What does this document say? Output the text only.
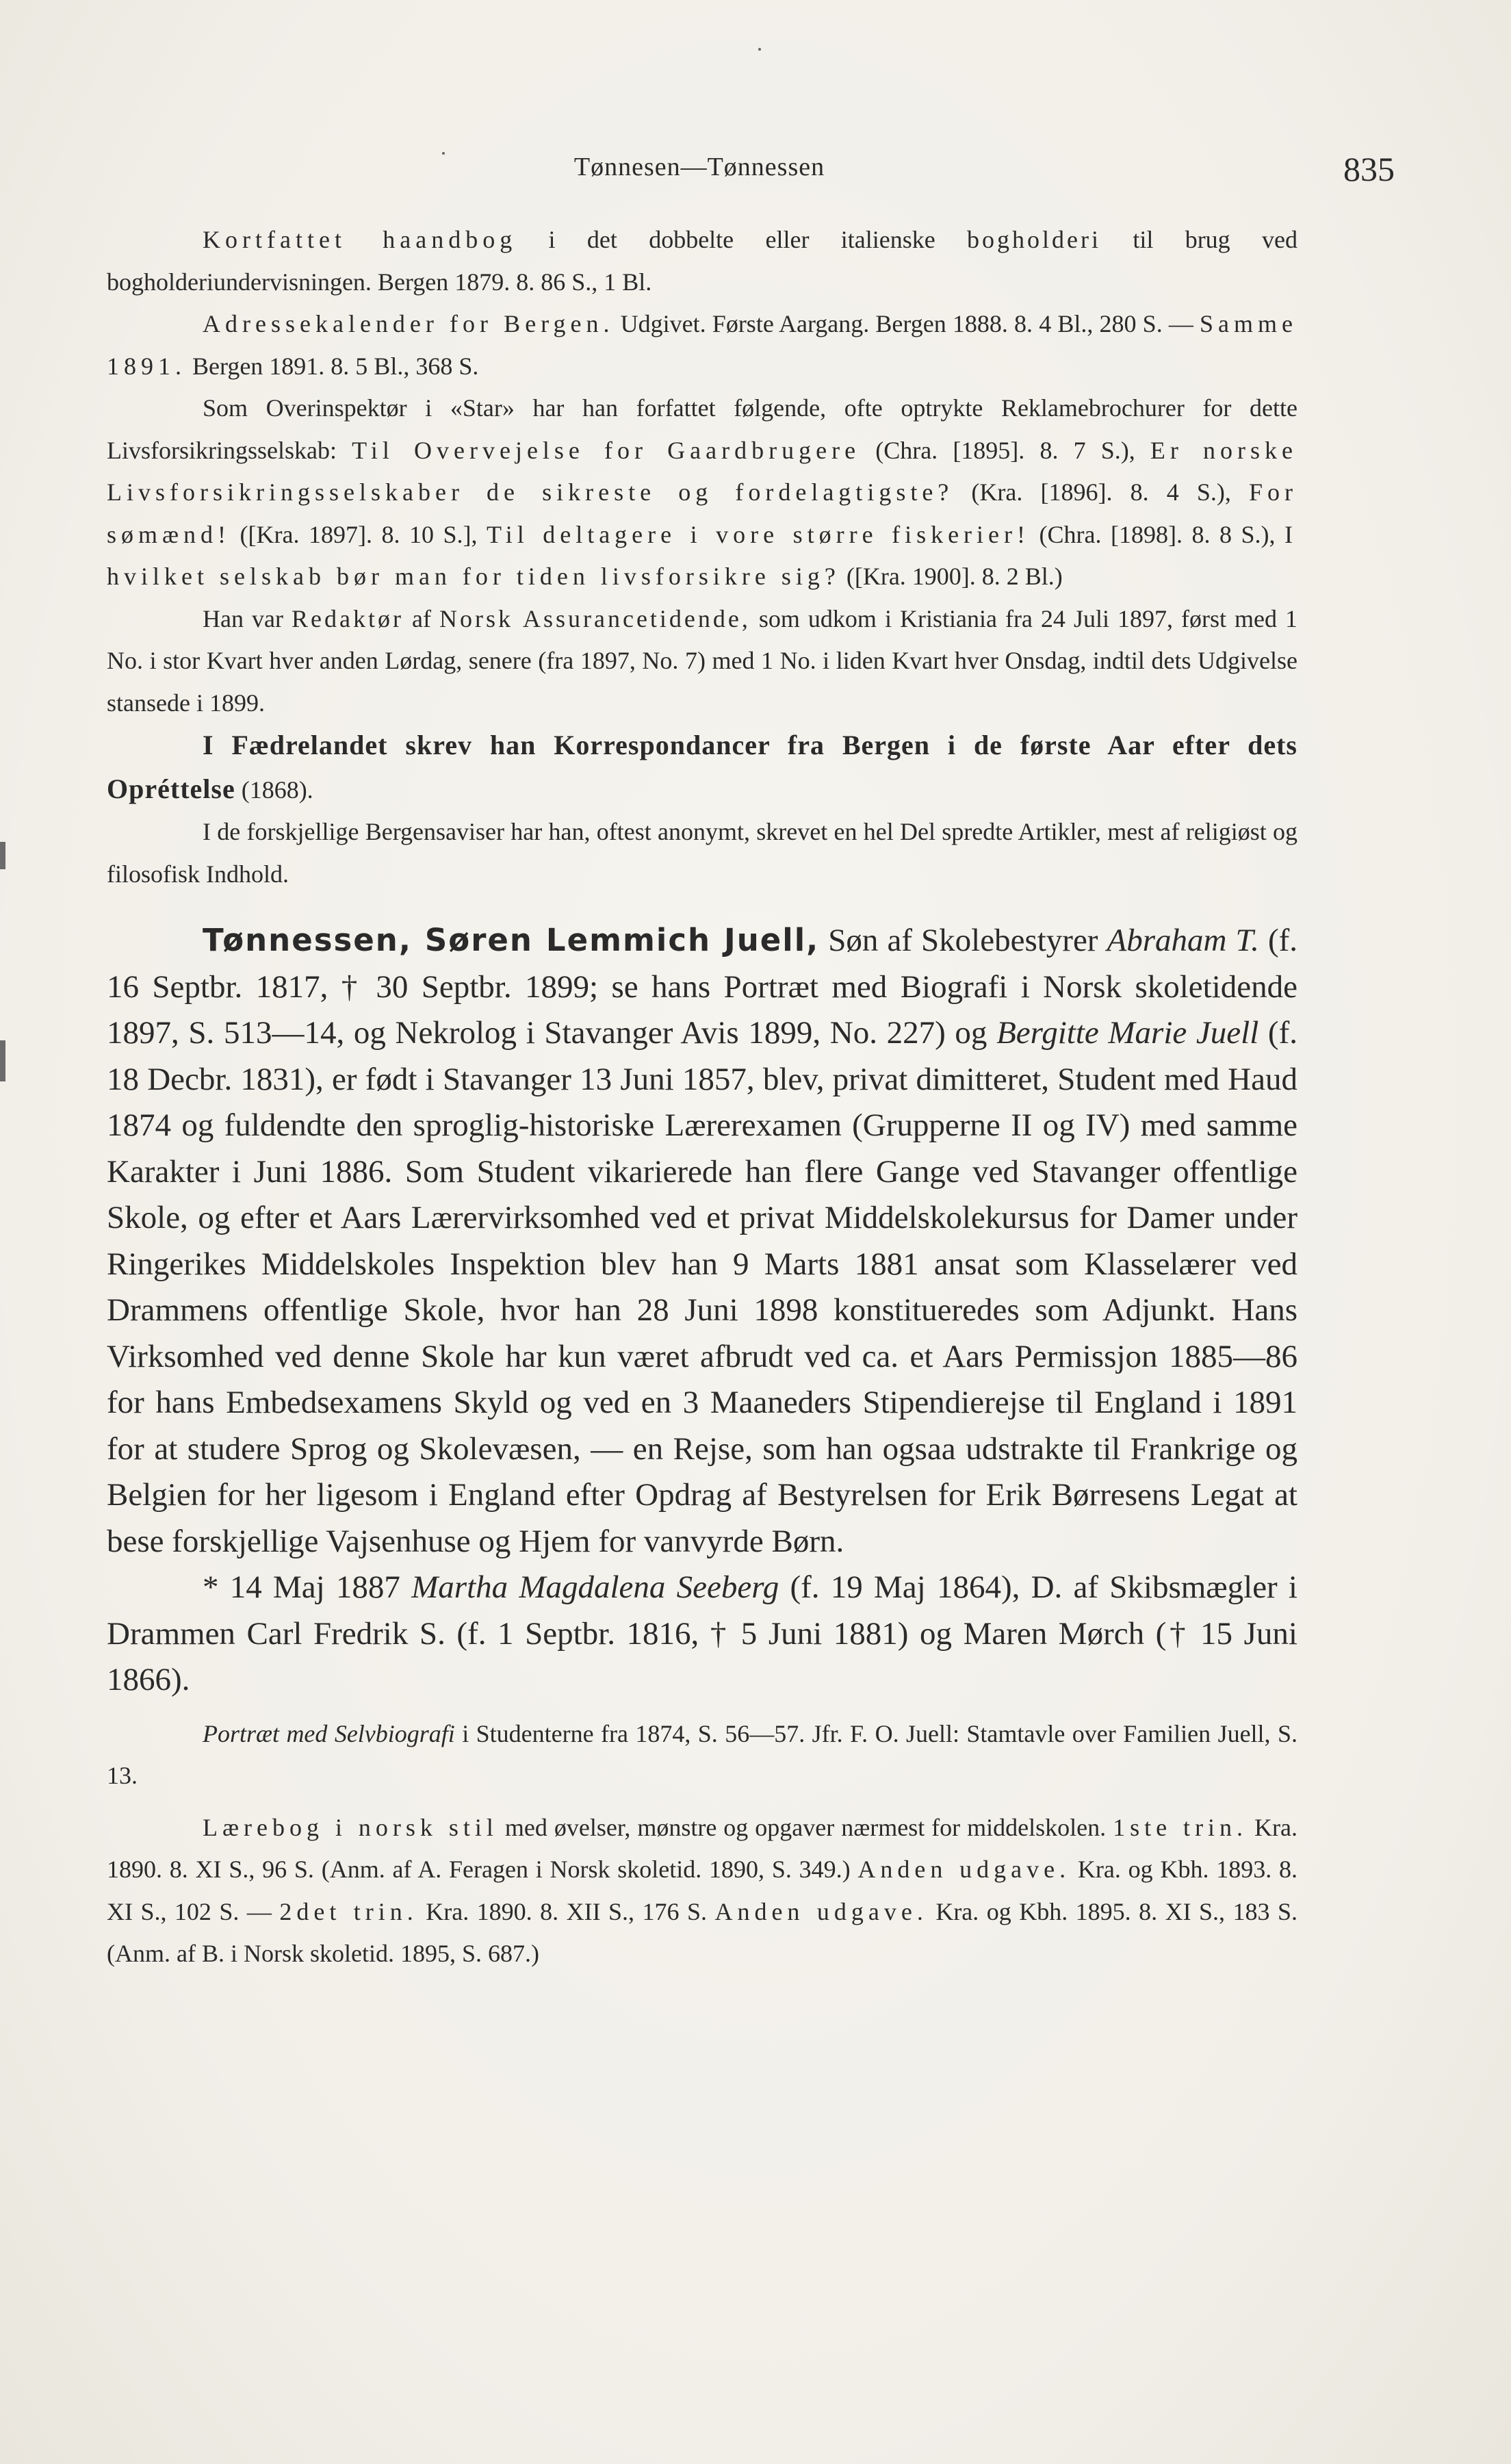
Tønnesen—Tønnessen	835

Kortfattet haandbog i det dobbelte eller italienske bogholderi til brug ved bogholderiundervisningen. Bergen 1879. 8. 86 S., 1 Bl.

Adressekalender for Bergen. Udgivet. Første Aargang. Bergen 1888. 8. 4 Bl., 280 S. — Samme 1891. Bergen 1891. 8. 5 Bl., 368 S.

Som Overinspektør i «Star» har han forfattet følgende, ofte optrykte Reklamebrochurer for dette Livsforsikringsselskab: Til Overvejelse for Gaardbrugere (Chra. [1895]. 8. 7 S.), Er norske Livsforsikringsselskaber de sikreste og fordelagtigste? (Kra. [1896]. 8. 4 S.), For sømænd! ([Kra. 1897]. 8. 10 S.], Til deltagere i vore større fiskerier! (Chra. [1898]. 8. 8 S.), I hvilket selskab bør man for tiden livsforsikre sig? ([Kra. 1900]. 8. 2 Bl.)

Han var Redaktør af Norsk Assurancetidende, som udkom i Kristiania fra 24 Juli 1897, først med 1 No. i stor Kvart hver anden Lørdag, senere (fra 1897, No. 7) med 1 No. i liden Kvart hver Onsdag, indtil dets Udgivelse stansede i 1899.

I Fædrelandet skrev han Korrespondancer fra Bergen i de første Aar efter dets Opréttelse (1868).

I de forskjellige Bergensaviser har han, oftest anonymt, skrevet en hel Del spredte Artikler, mest af religiøst og filosofisk Indhold.

Tønnessen, Søren Lemmich Juell, Søn af Skolebestyrer Abraham T. (f. 16 Septbr. 1817, † 30 Septbr. 1899; se hans Portræt med Biografi i Norsk skoletidende 1897, S. 513—14, og Nekrolog i Stavanger Avis 1899, No. 227) og Bergitte Marie Juell (f. 18 Decbr. 1831), er født i Stavanger 13 Juni 1857, blev, privat dimitteret, Student med Haud 1874 og fuldendte den sproglig-historiske Lærerexamen (Grupperne II og IV) med samme Karakter i Juni 1886. Som Student vikarierede han flere Gange ved Stavanger offentlige Skole, og efter et Aars Lærervirksomhed ved et privat Middelskolekursus for Damer under Ringerikes Middelskoles Inspektion blev han 9 Marts 1881 ansat som Klasselærer ved Drammens offentlige Skole, hvor han 28 Juni 1898 konstitueredes som Adjunkt. Hans Virksomhed ved denne Skole har kun været afbrudt ved ca. et Aars Permissjon 1885—86 for hans Embedsexamens Skyld og ved en 3 Maaneders Stipendierejse til England i 1891 for at studere Sprog og Skolevæsen, — en Rejse, som han ogsaa udstrakte til Frankrige og Belgien for her ligesom i England efter Opdrag af Bestyrelsen for Erik Børresens Legat at bese forskjellige Vajsenhuse og Hjem for vanvyrde Børn.

* 14 Maj 1887 Martha Magdalena Seeberg (f. 19 Maj 1864), D. af Skibsmægler i Drammen Carl Fredrik S. (f. 1 Septbr. 1816, † 5 Juni 1881) og Maren Mørch († 15 Juni 1866).

Portræt med Selvbiografi i Studenterne fra 1874, S. 56—57. Jfr. F. O. Juell: Stamtavle over Familien Juell, S. 13.

Lærebog i norsk stil med øvelser, mønstre og opgaver nærmest for middelskolen. 1ste trin. Kra. 1890. 8. XI S., 96 S. (Anm. af A. Feragen i Norsk skoletid. 1890, S. 349.) Anden udgave. Kra. og Kbh. 1893. 8. XI S., 102 S. — 2det trin. Kra. 1890. 8. XII S., 176 S. Anden udgave. Kra. og Kbh. 1895. 8. XI S., 183 S. (Anm. af B. i Norsk skoletid. 1895, S. 687.)
